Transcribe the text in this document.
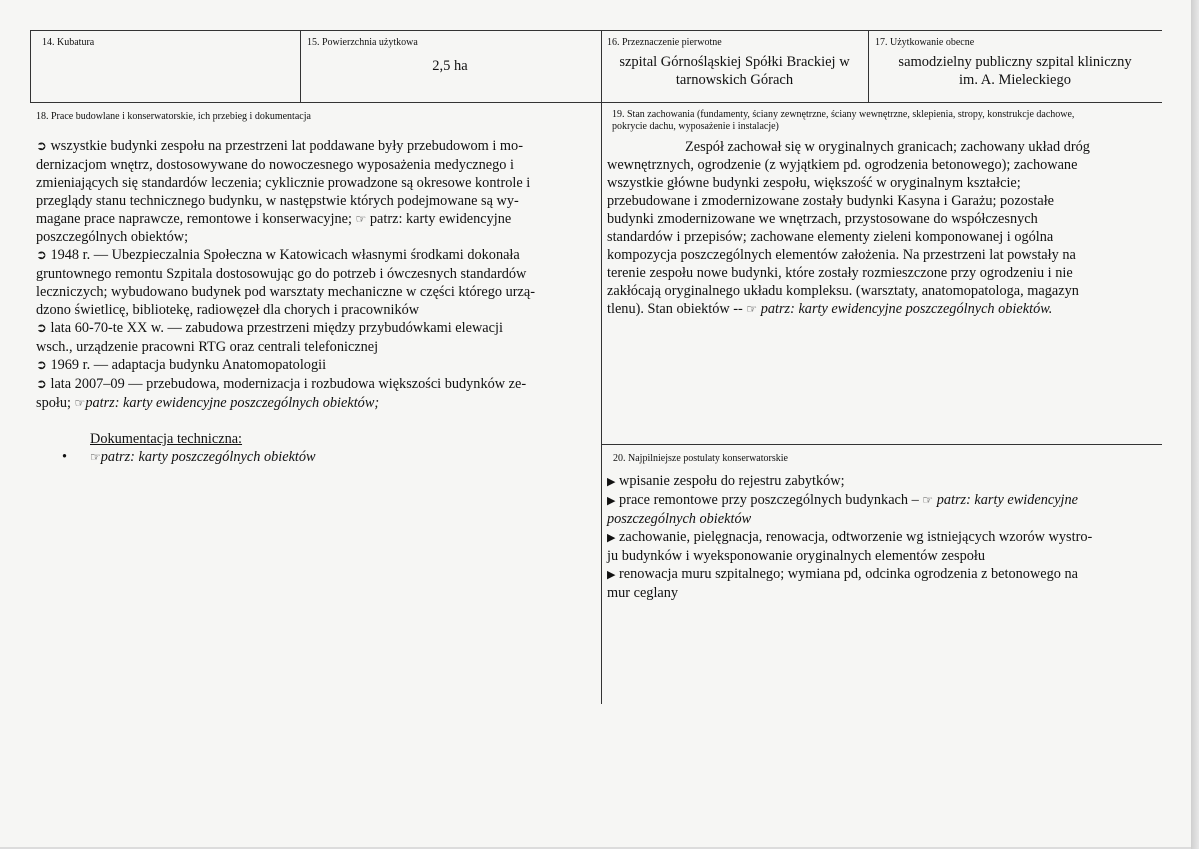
14. Kubatura	15. Powierzchnia użytkowa
2,5 ha
16. Przeznaczenie pierwotne
szpital Górnośląskiej Spółki Brackiej w
tarnowskich Górach
17. Użytkowanie obecne
samodzielny publiczny szpital kliniczny
im. A. Mieleckiego
18. Prace budowlane i konserwatorskie, ich przebieg i dokumentacja

➲ wszystkie budynki zespołu na przestrzeni lat poddawane były przebudowom i mo-

dernizacjom wnętrz, dostosowywane do nowoczesnego wyposażenia medycznego i

zmieniających się standardów leczenia; cyklicznie prowadzone są okresowe kontrole i

przeglądy stanu technicznego budynku, w następstwie których podejmowane są wy-

magane prace naprawcze, remontowe i konserwacyjne; ☞ patrz: karty ewidencyjne

poszczególnych obiektów;

➲ 1948 r. — Ubezpieczalnia Społeczna w Katowicach własnymi środkami dokonała

gruntownego remontu Szpitala dostosowując go do potrzeb i ówczesnych standardów

leczniczych; wybudowano budynek pod warsztaty mechaniczne w części którego urzą-

dzono świetlicę, bibliotekę, radiowęzeł dla chorych i pracowników

➲ lata 60-70-te XX w. — zabudowa przestrzeni między przybudówkami elewacji

wsch., urządzenie pracowni RTG oraz centrali telefonicznej

➲ 1969 r. — adaptacja budynku Anatomopatologii

➲ lata 2007–09 — przebudowa, modernizacja i rozbudowa większości budynków ze-

społu; ☞patrz: karty ewidencyjne poszczególnych obiektów;

Dokumentacja techniczna:
• ☞patrz: karty poszczególnych obiektów
19. Stan zachowania (fundamenty, ściany zewnętrzne, ściany wewnętrzne, sklepienia, stropy, konstrukcje dachowe,
pokrycie dachu, wyposażenie i instalacje)

Zespół zachował się w oryginalnych granicach; zachowany układ dróg

wewnętrznych, ogrodzenie (z wyjątkiem pd. ogrodzenia betonowego); zachowane

wszystkie główne budynki zespołu, większość w oryginalnym kształcie;

przebudowane i zmodernizowane zostały budynki Kasyna i Garażu; pozostałe

budynki zmodernizowane we wnętrzach, przystosowane do współczesnych

standardów i przepisów; zachowane elementy zieleni komponowanej i ogólna

kompozycja poszczególnych elementów założenia. Na przestrzeni lat powstały na

terenie zespołu nowe budynki, które zostały rozmieszczone przy ogrodzeniu i nie

zakłócają oryginalnego układu kompleksu. (warsztaty, anatomopatologa, magazyn

tlenu). Stan obiektów -- ☞ patrz: karty ewidencyjne poszczególnych obiektów.

20. Najpilniejsze postulaty konserwatorskie

▶ wpisanie zespołu do rejestru zabytków;

▶ prace remontowe przy poszczególnych budynkach – ☞ patrz: karty ewidencyjne

poszczególnych obiektów

▶ zachowanie, pielęgnacja, renowacja, odtworzenie wg istniejących wzorów wystro-

ju budynków i wyeksponowanie oryginalnych elementów zespołu

▶ renowacja muru szpitalnego; wymiana pd, odcinka ogrodzenia z betonowego na

mur ceglany
